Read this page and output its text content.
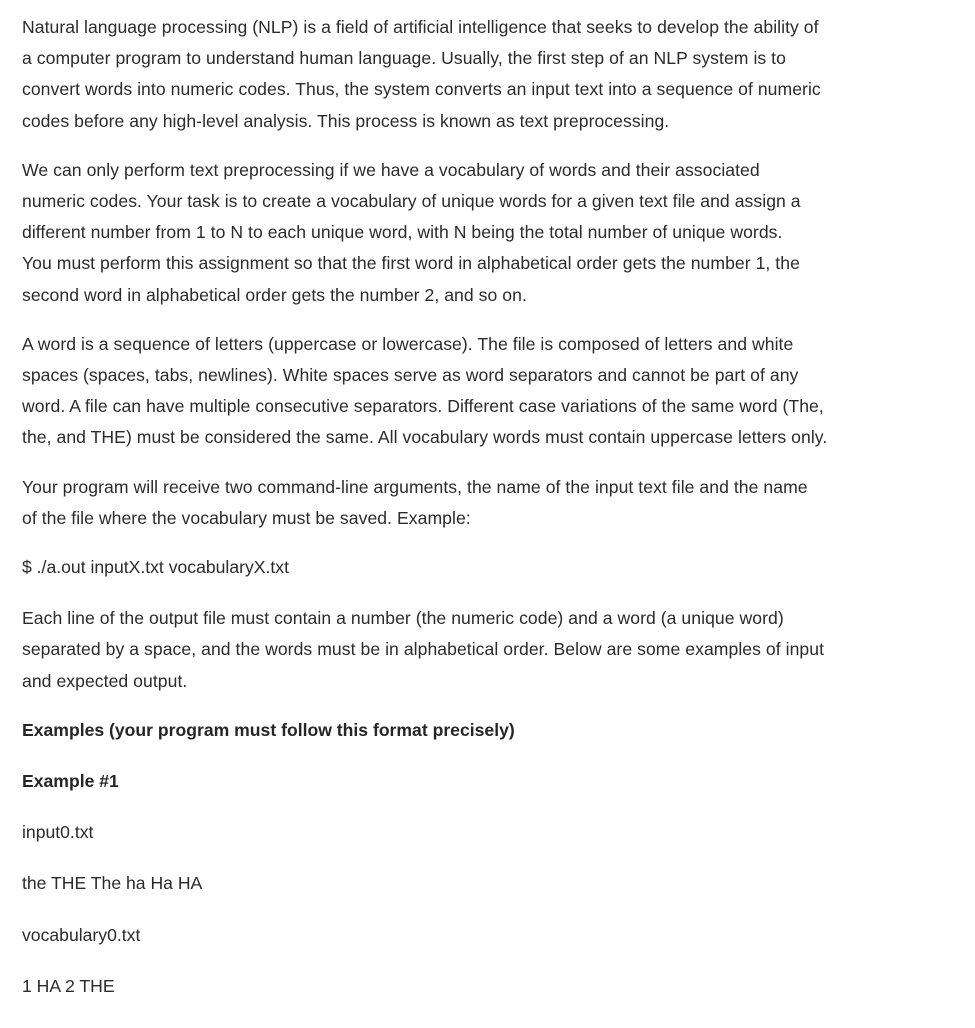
Natural language processing (NLP) is a field of artificial intelligence that seeks to develop the ability of
a computer program to understand human language. Usually, the first step of an NLP system is to
convert words into numeric codes. Thus, the system converts an input text into a sequence of numeric
codes before any high-level analysis. This process is known as text preprocessing.

We can only perform text preprocessing if we have a vocabulary of words and their associated
numeric codes. Your task is to create a vocabulary of unique words for a given text file and assign a
different number from 1 to N to each unique word, with N being the total number of unique words.
You must perform this assignment so that the first word in alphabetical order gets the number 1, the
second word in alphabetical order gets the number 2, and so on.

A word is a sequence of letters (uppercase or lowercase). The file is composed of letters and white
spaces (spaces, tabs, newlines). White spaces serve as word separators and cannot be part of any
word. A file can have multiple consecutive separators. Different case variations of the same word (The,
the, and THE) must be considered the same. All vocabulary words must contain uppercase letters only.

Your program will receive two command-line arguments, the name of the input text file and the name
of the file where the vocabulary must be saved. Example:

$ ./a.out inputX.txt vocabularyX.txt

Each line of the output file must contain a number (the numeric code) and a word (a unique word)
separated by a space, and the words must be in alphabetical order. Below are some examples of input
and expected output.

Examples (your program must follow this format precisely)

Example #1

input0.txt

the THE The ha Ha HA

vocabulary0.txt

1 HA 2 THE
